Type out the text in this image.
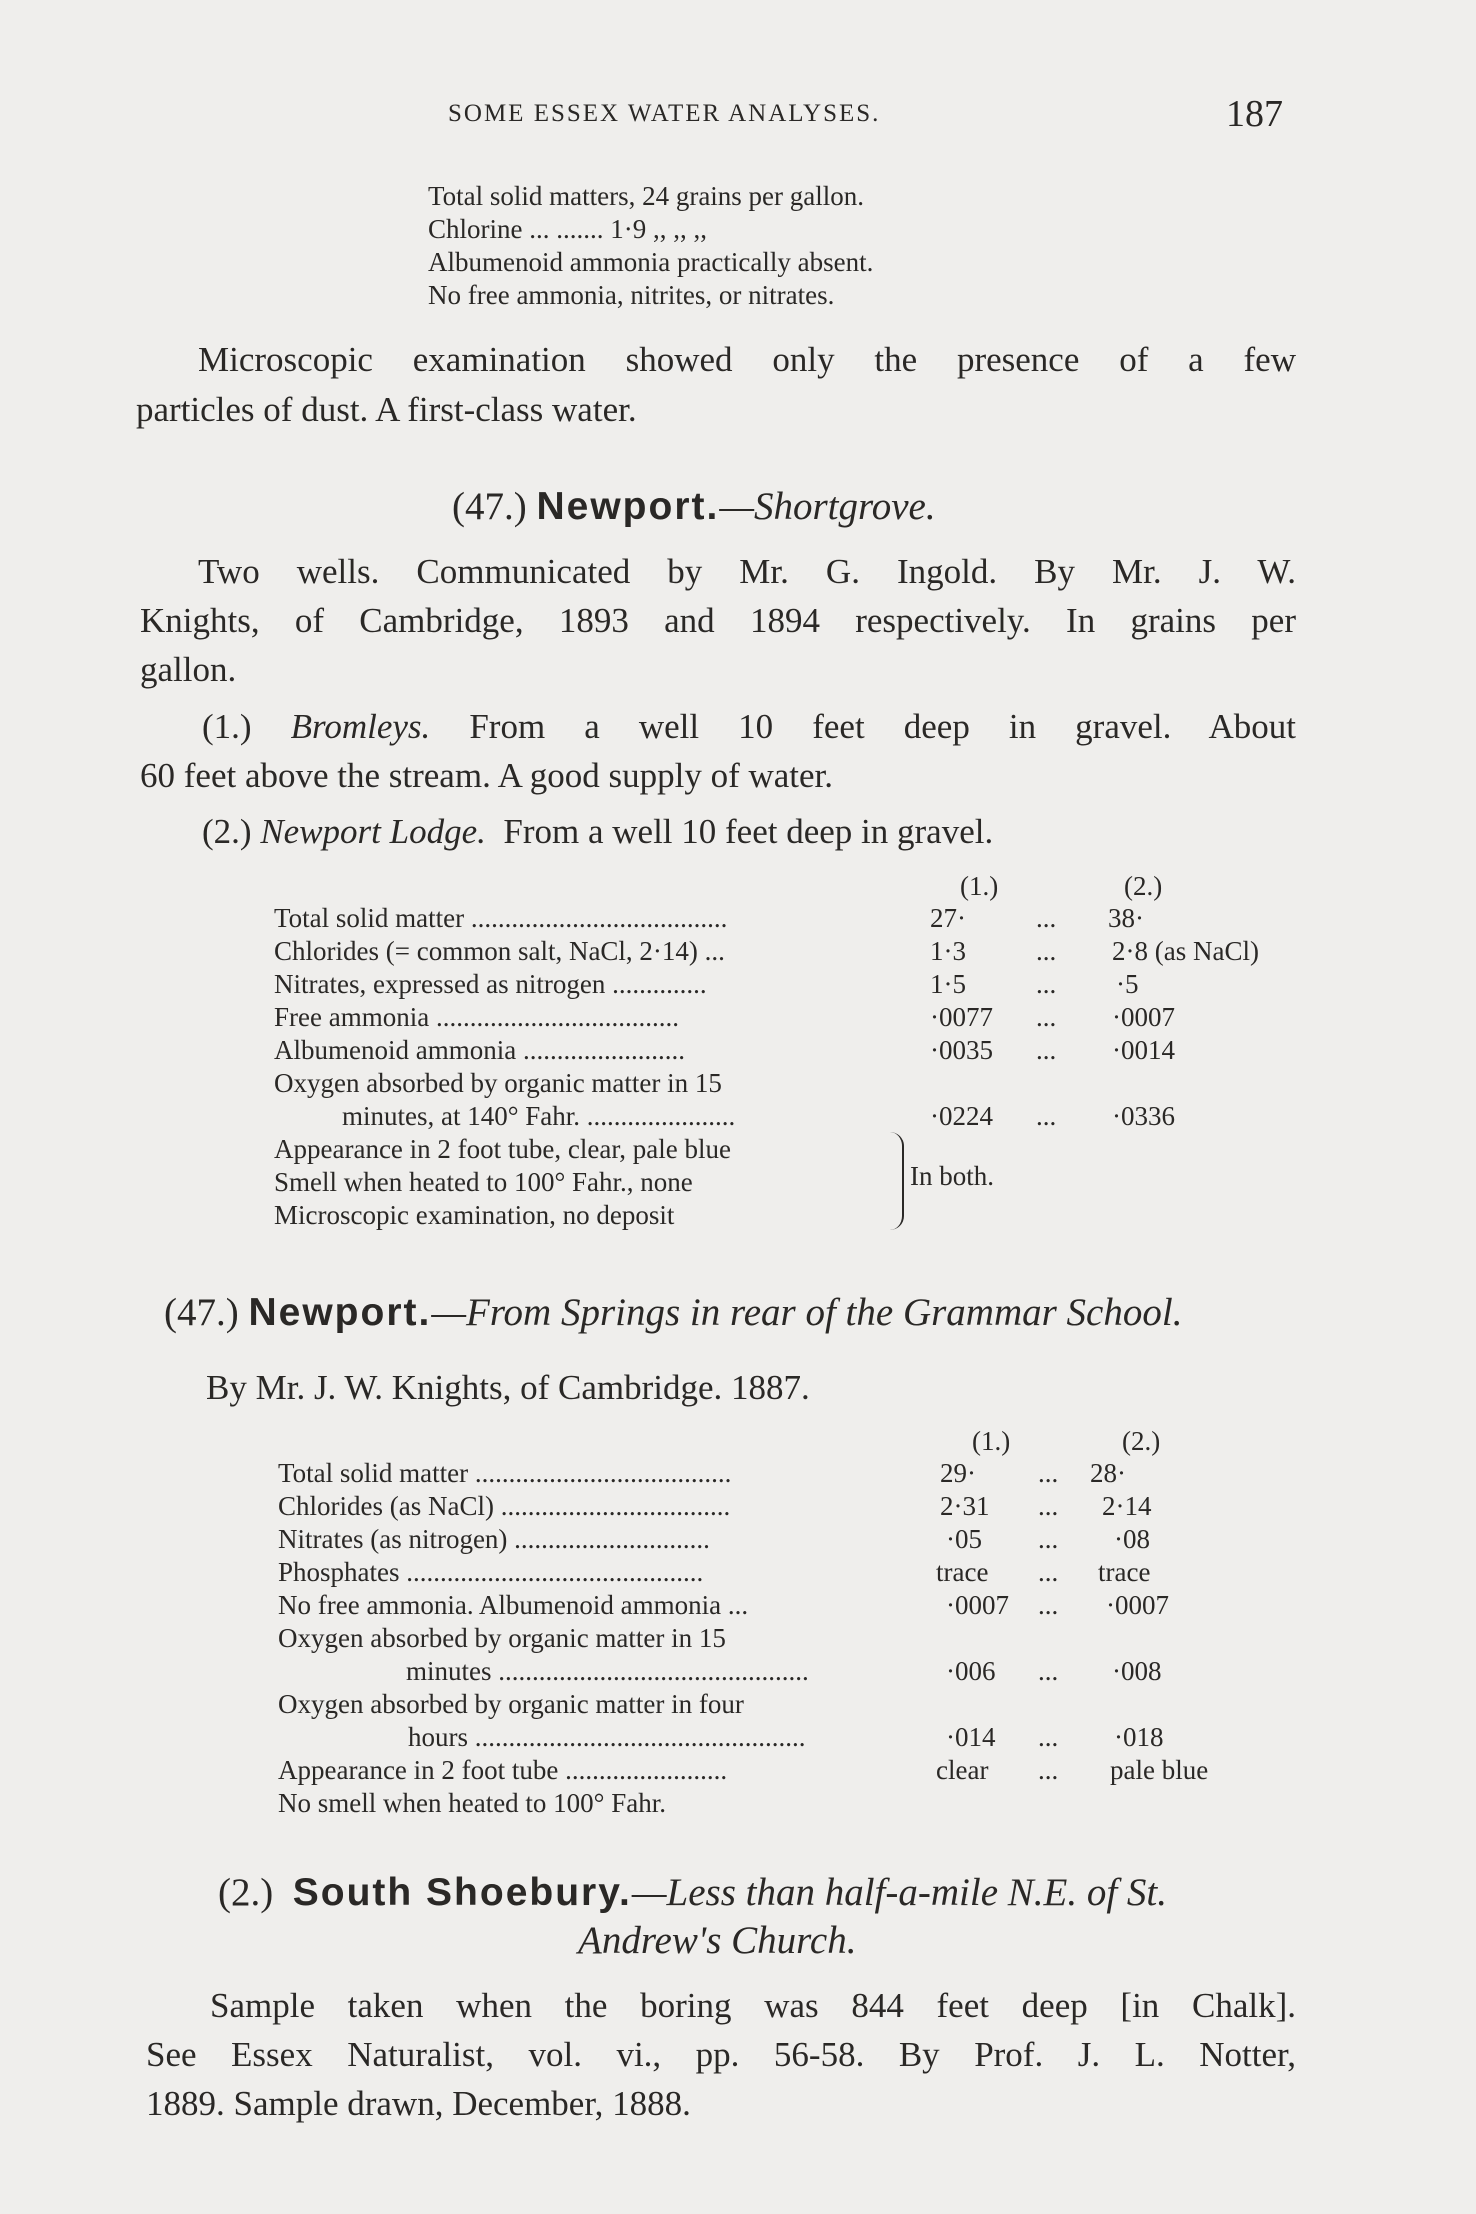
SOME ESSEX WATER ANALYSES.	187
Total solid matters, 24 grains per gallon.
Chlorine ... ....... 1·9 ,, ,, ,,
Albumenoid ammonia practically absent.
No free ammonia, nitrites, or nitrates.
Microscopic examination showed only the presence of a few
particles of dust. A first-class water.
(47.) Newport.—Shortgrove.
Two wells. Communicated by Mr. G. Ingold. By Mr. J. W.
Knights, of Cambridge, 1893 and 1894 respectively. In grains per
gallon.
(1.) Bromleys. From a well 10 feet deep in gravel. About
60 feet above the stream. A good supply of water.
(2.) Newport Lodge. From a well 10 feet deep in gravel.
(1.)	(2.)
Total solid matter ......................................	27·	... 38·
Chlorides (= common salt, NaCl, 2·14) ...	1·3	... 2·8 (as NaCl)
Nitrates, expressed as nitrogen ..............	1·5	... ·5
Free ammonia ....................................	·0077 ... ·0007
Albumenoid ammonia ........................	·0035 ... ·0014
Oxygen absorbed by organic matter in 15
minutes, at 140° Fahr. ......................	·0224 ... ·0336
Appearance in 2 foot tube, clear, pale blue
Smell when heated to 100° Fahr., none
Microscopic examination, no deposit
In both.
(47.) Newport.—From Springs in rear of the Grammar School.
By Mr. J. W. Knights, of Cambridge. 1887.
(1.)	(2.)
Total solid matter ......................................	29· ... 28·
Chlorides (as NaCl) ..................................	2·31 ... 2·14
Nitrates (as nitrogen) .............................	·05 ... ·08
Phosphates ............................................	trace ... trace
No free ammonia. Albumenoid ammonia ...	·0007 ... ·0007
Oxygen absorbed by organic matter in 15
minutes ..............................................	·006 ... ·008
Oxygen absorbed by organic matter in four
hours .................................................	·014 ... ·018
Appearance in 2 foot tube ........................	clear ... pale blue
No smell when heated to 100° Fahr.
(2.) South Shoebury.—Less than half-a-mile N.E. of St.
Andrew's Church.
Sample taken when the boring was 844 feet deep [in Chalk].
See Essex Naturalist, vol. vi., pp. 56-58. By Prof. J. L. Notter,
1889. Sample drawn, December, 1888.
